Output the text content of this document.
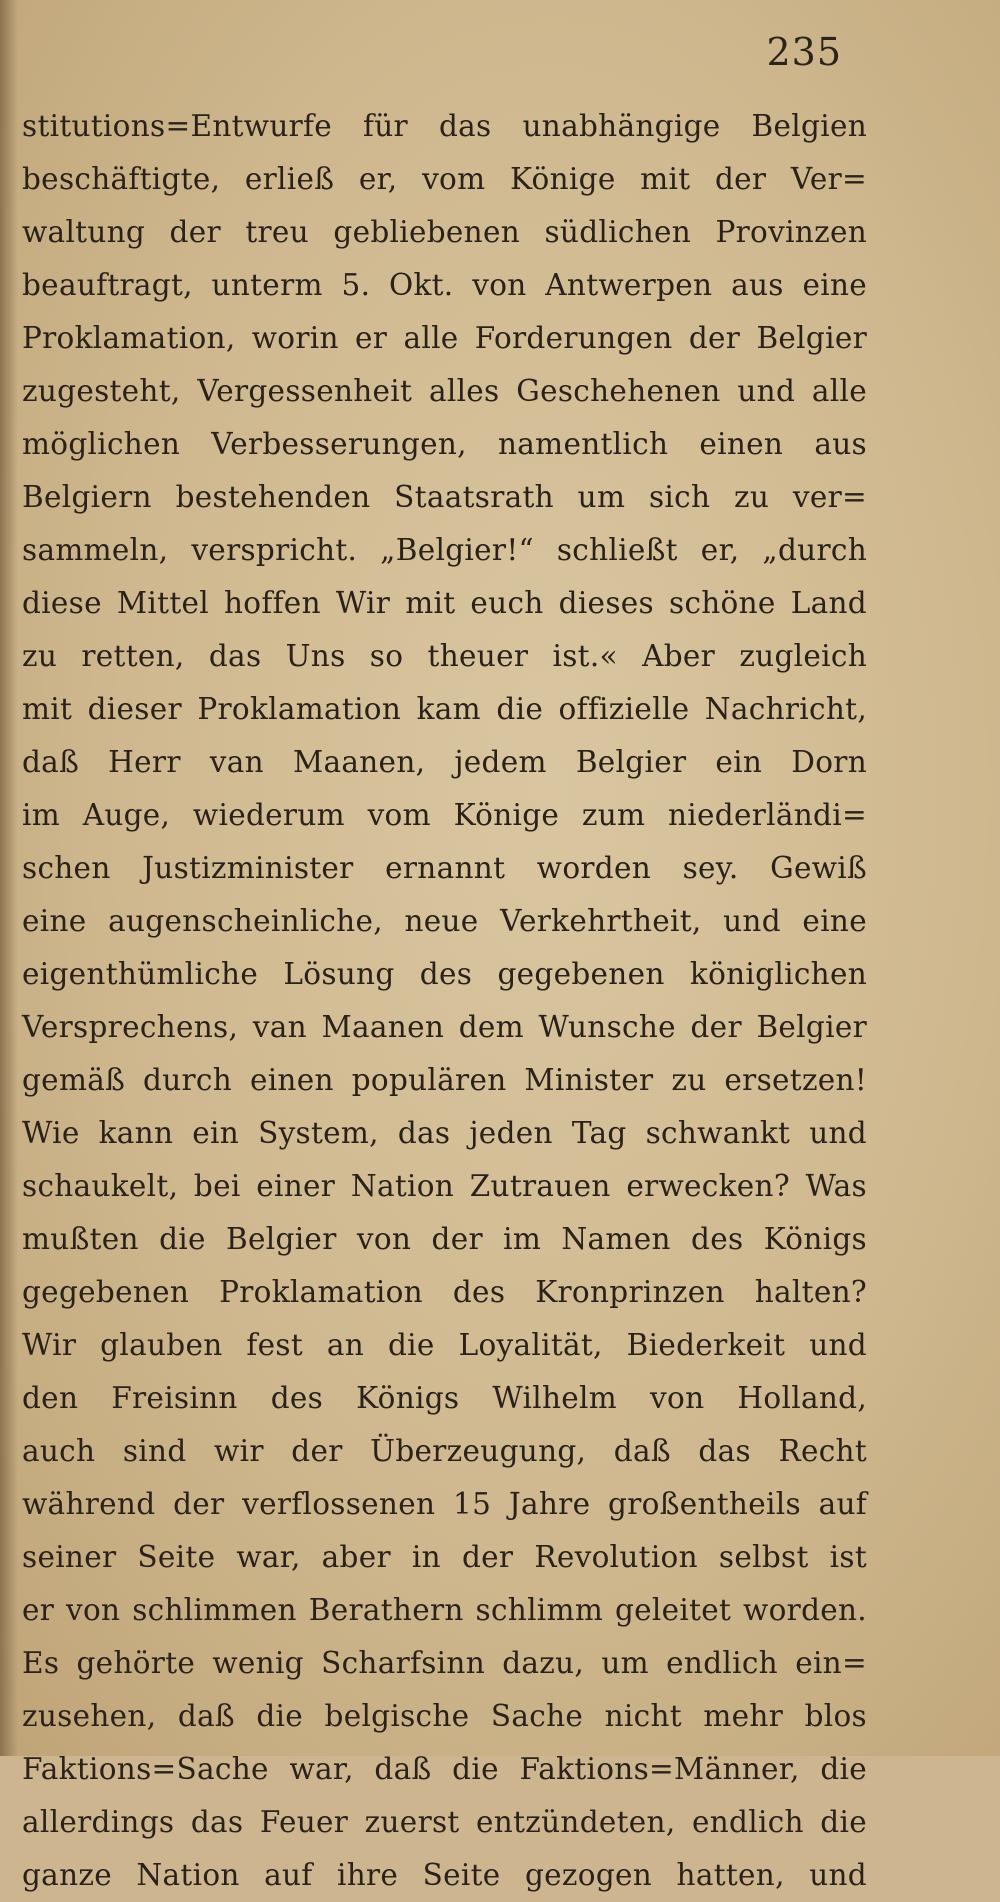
235
stitutions=Entwurfe für das unabhängige Belgien
beschäftigte, erließ er, vom Könige mit der Ver=
waltung der treu gebliebenen südlichen Provinzen
beauftragt, unterm 5. Okt. von Antwerpen aus eine
Proklamation, worin er alle Forderungen der Belgier
zugesteht, Vergessenheit alles Geschehenen und alle
möglichen Verbesserungen, namentlich einen aus
Belgiern bestehenden Staatsrath um sich zu ver=
sammeln, verspricht. „Belgier!“ schließt er, „durch
diese Mittel hoffen Wir mit euch dieses schöne Land
zu retten, das Uns so theuer ist.« Aber zugleich
mit dieser Proklamation kam die offizielle Nachricht,
daß Herr van Maanen, jedem Belgier ein Dorn
im Auge, wiederum vom Könige zum niederländi=
schen Justizminister ernannt worden sey. Gewiß
eine augenscheinliche, neue Verkehrtheit, und eine
eigenthümliche Lösung des gegebenen königlichen
Versprechens, van Maanen dem Wunsche der Belgier
gemäß durch einen populären Minister zu ersetzen!
Wie kann ein System, das jeden Tag schwankt und
schaukelt, bei einer Nation Zutrauen erwecken? Was
mußten die Belgier von der im Namen des Königs
gegebenen Proklamation des Kronprinzen halten?
Wir glauben fest an die Loyalität, Biederkeit und
den Freisinn des Königs Wilhelm von Holland,
auch sind wir der Überzeugung, daß das Recht
während der verflossenen 15 Jahre großentheils auf
seiner Seite war, aber in der Revolution selbst ist
er von schlimmen Berathern schlimm geleitet worden.
Es gehörte wenig Scharfsinn dazu, um endlich ein=
zusehen, daß die belgische Sache nicht mehr blos
Faktions=Sache war, daß die Faktions=Männer, die
allerdings das Feuer zuerst entzündeten, endlich die
ganze Nation auf ihre Seite gezogen hatten, und
